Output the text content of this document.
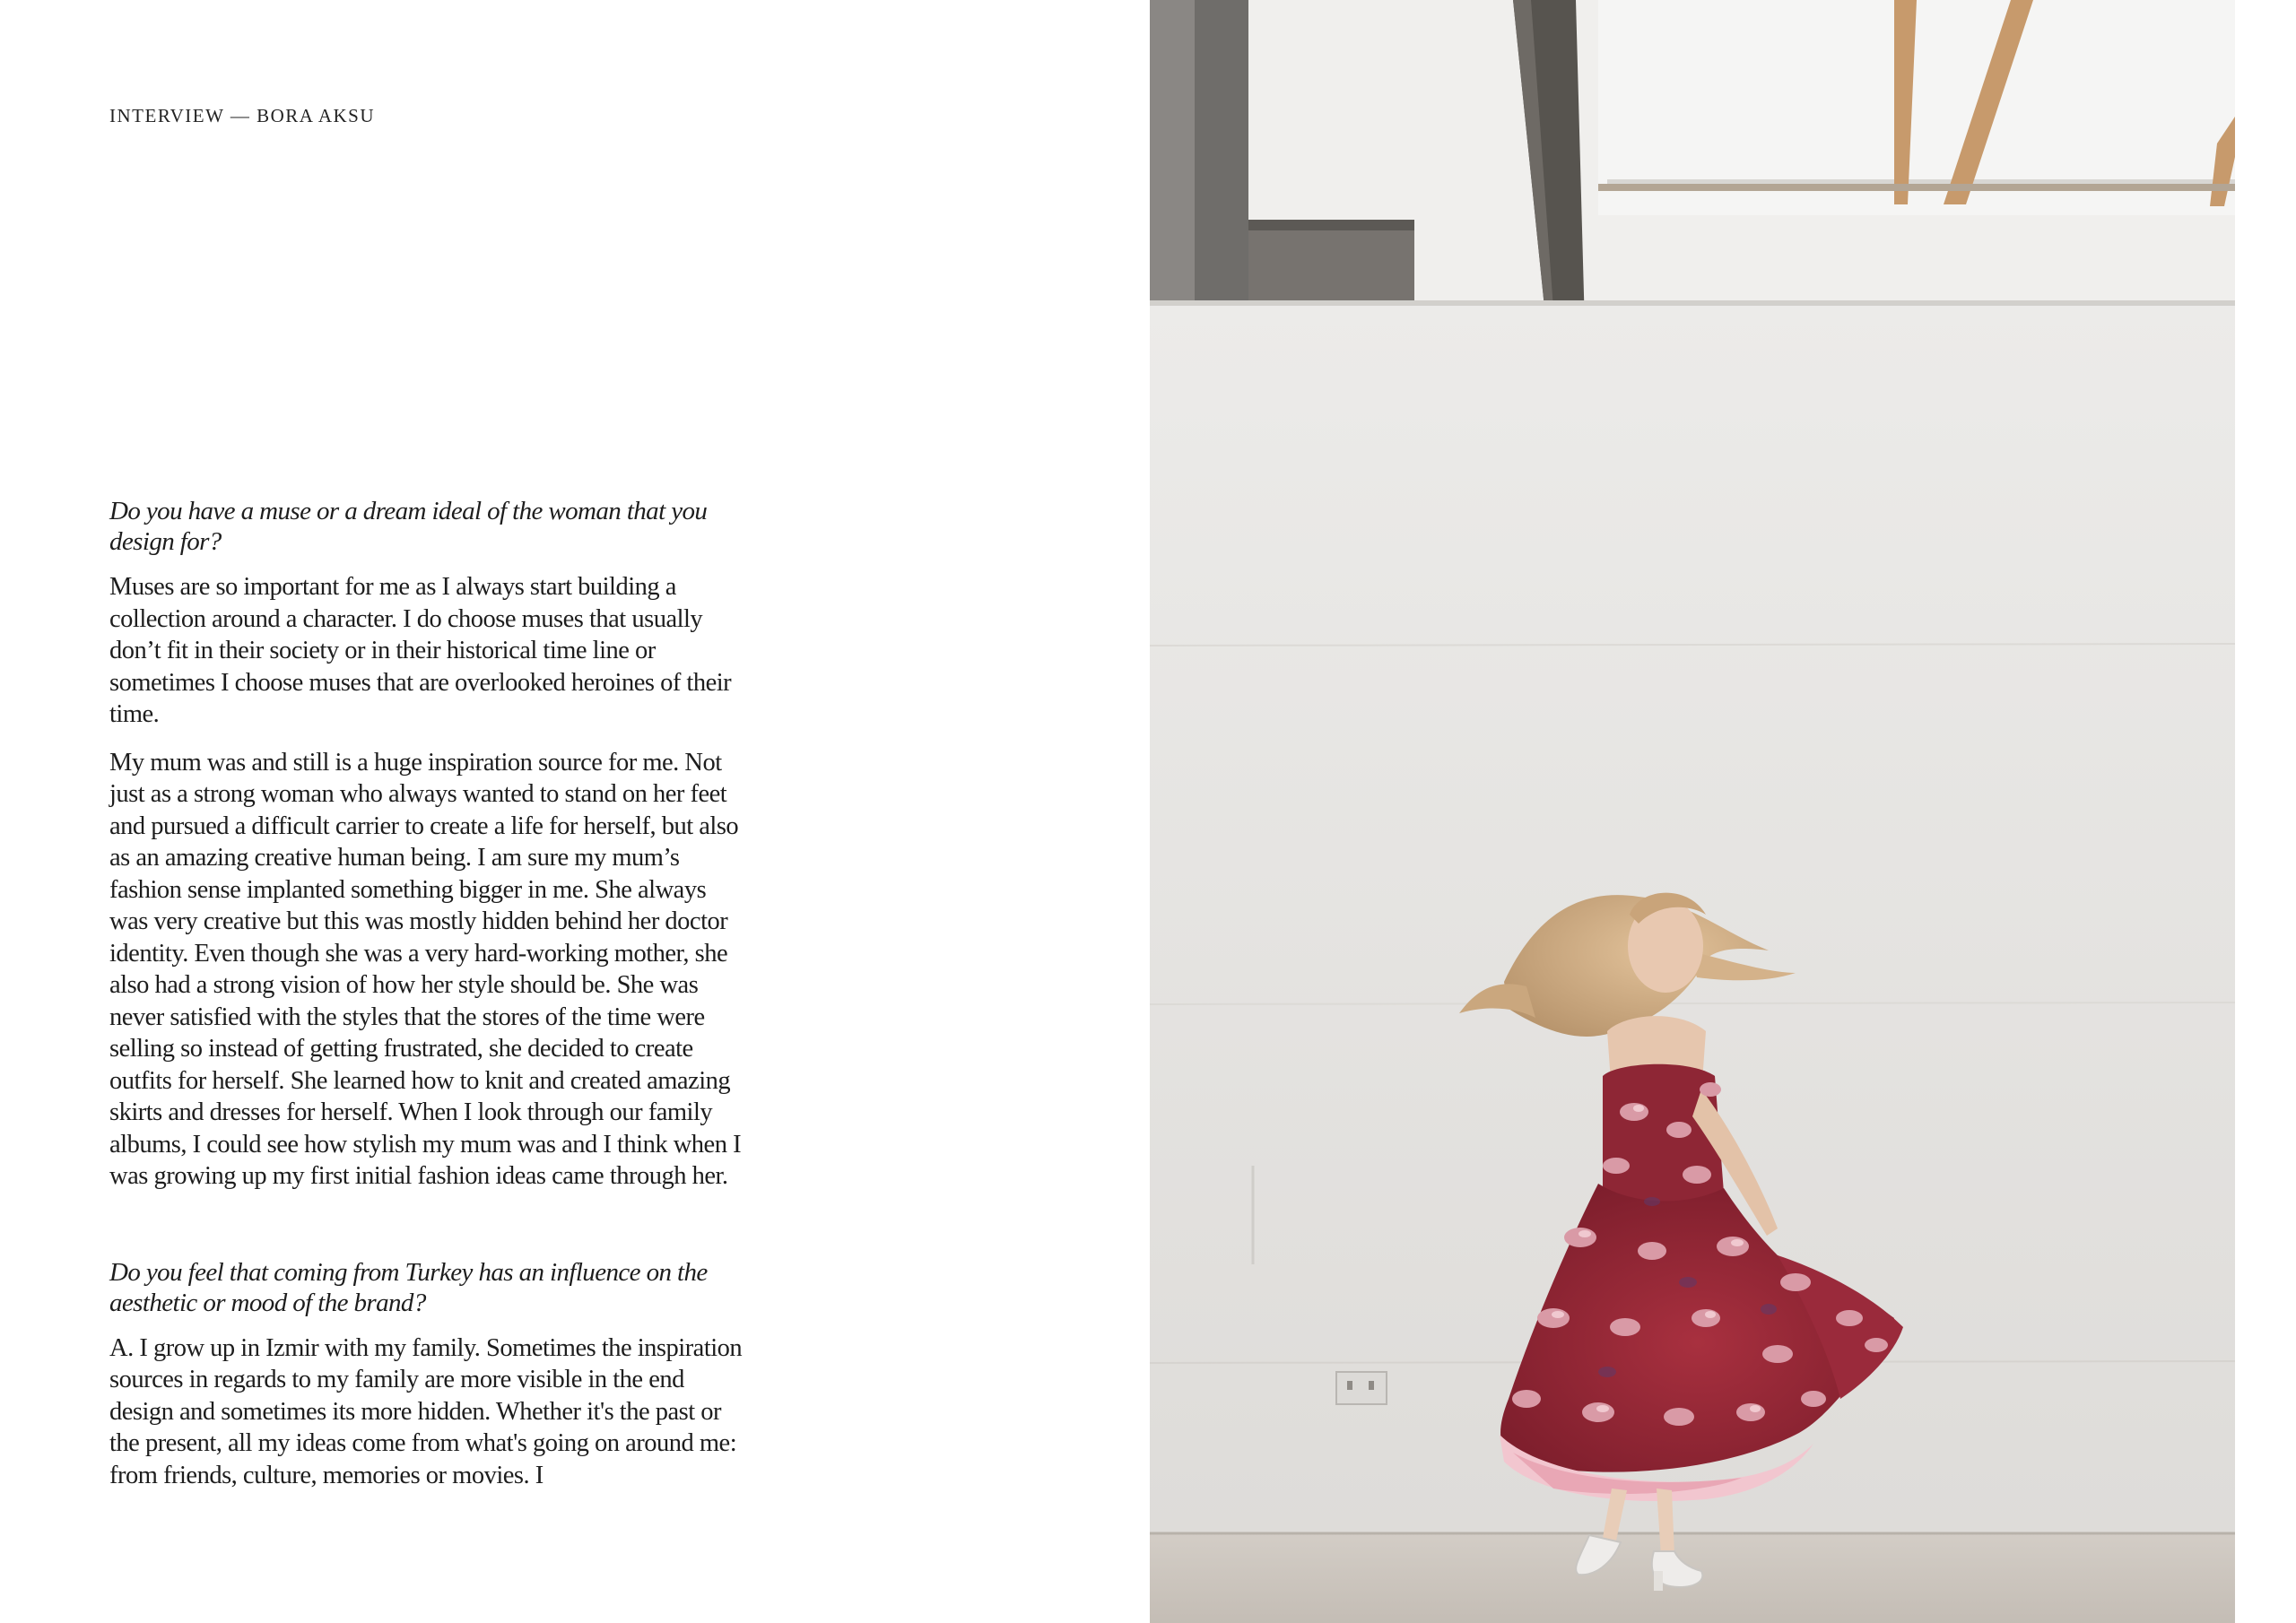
INTERVIEW — BORA AKSU

Do you have a muse or a dream ideal of the woman that you design for?

Muses are so important for me as I always start building a collection around a character. I do choose muses that usually don’t fit in their society or in their historical time line or sometimes I choose muses that are overlooked heroines of their time.

My mum was and still is a huge inspiration source for me. Not just as a strong woman who always wanted to stand on her feet and pursued a difficult carrier to create a life for herself, but also as an amazing creative human being. I am sure my mum’s fashion sense implanted something bigger in me. She always was very creative but this was mostly hidden behind her doctor identity. Even though she was a very hard-working mother, she also had a strong vision of how her style should be. She was never satisfied with the styles that the stores of the time were selling so instead of getting frustrated, she decided to create outfits for herself. She learned how to knit and created amazing skirts and dresses for herself. When I look through our family albums, I could see how stylish my mum was and I think when I was growing up my first initial fashion ideas came through her.

Do you feel that coming from Turkey has an influence on the aesthetic or mood of the brand?

A. I grow up in Izmir with my family. Sometimes the inspiration sources in regards to my family are more visible in the end design and sometimes its more hidden. Whether it's the past or the present, all my ideas come from what's going on around me: from friends, culture, memories or movies. I
